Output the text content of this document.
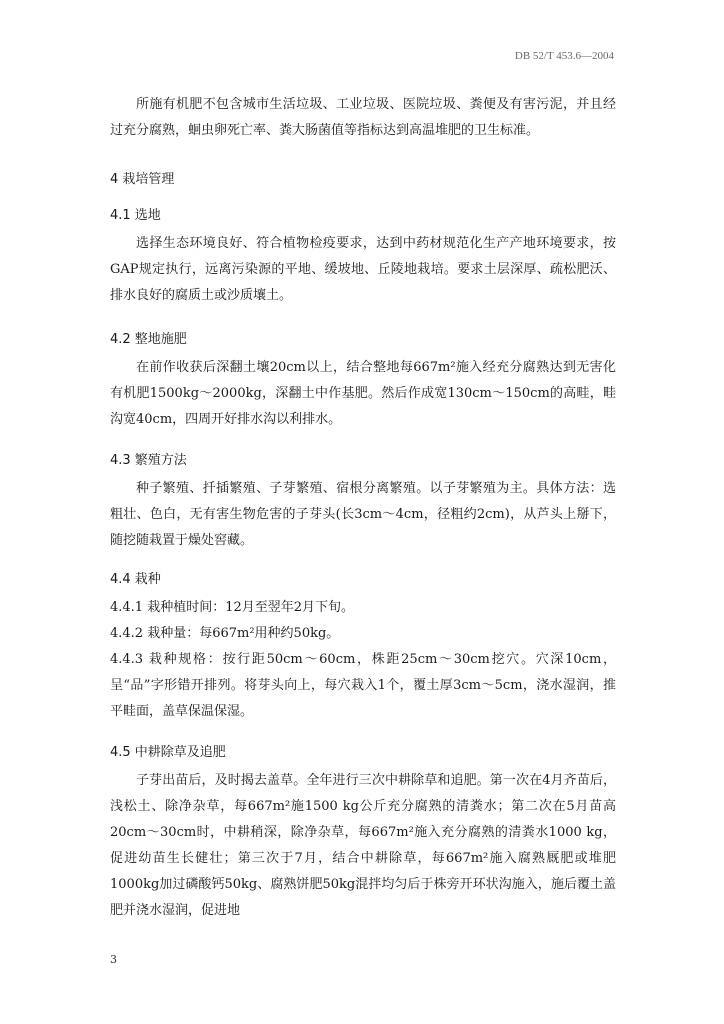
DB 52/T 453.6—2004

所施有机肥不包含城市生活垃圾、工业垃圾、医院垃圾、粪便及有害污泥，并且经过充分腐熟，蛔虫卵死亡率、粪大肠菌值等指标达到高温堆肥的卫生标准。

4 栽培管理

4.1 选地

选择生态环境良好、符合植物检疫要求，达到中药材规范化生产产地环境要求，按GAP规定执行，远离污染源的平地、缓坡地、丘陵地栽培。要求土层深厚、疏松肥沃、排水良好的腐质土或沙质壤土。

4.2 整地施肥

在前作收获后深翻土壤20cm以上，结合整地每667m²施入经充分腐熟达到无害化有机肥1500kg～2000kg，深翻土中作基肥。然后作成宽130cm～150cm的高畦，畦沟宽40cm，四周开好排水沟以利排水。

4.3 繁殖方法

种子繁殖、扦插繁殖、子芽繁殖、宿根分离繁殖。以子芽繁殖为主。具体方法：选粗壮、色白，无有害生物危害的子芽头(长3cm～4cm，径粗约2cm)，从芦头上掰下，随挖随栽置于燥处窖藏。

4.4 栽种

4.4.1 栽种植时间：12月至翌年2月下旬。

4.4.2 栽种量：每667m²用种约50kg。

4.4.3 栽种规格：按行距50cm～60cm，株距25cm～30cm挖穴。穴深10cm，呈“品”字形错开排列。将芽头向上，每穴栽入1个，覆土厚3cm～5cm，浇水湿润，推平畦面，盖草保温保湿。

4.5 中耕除草及追肥

子芽出苗后，及时揭去盖草。全年进行三次中耕除草和追肥。第一次在4月齐苗后，浅松土、除净杂草，每667m²施1500 kg公斤充分腐熟的清粪水；第二次在5月苗高20cm～30cm时，中耕稍深，除净杂草，每667m²施入充分腐熟的清粪水1000 kg，促进幼苗生长健壮；第三次于7月，结合中耕除草，每667m²施入腐熟厩肥或堆肥1000kg加过磷酸钙50kg、腐熟饼肥50kg混拌均匀后于株旁开环状沟施入，施后覆土盖肥并浇水湿润，促进地

3
